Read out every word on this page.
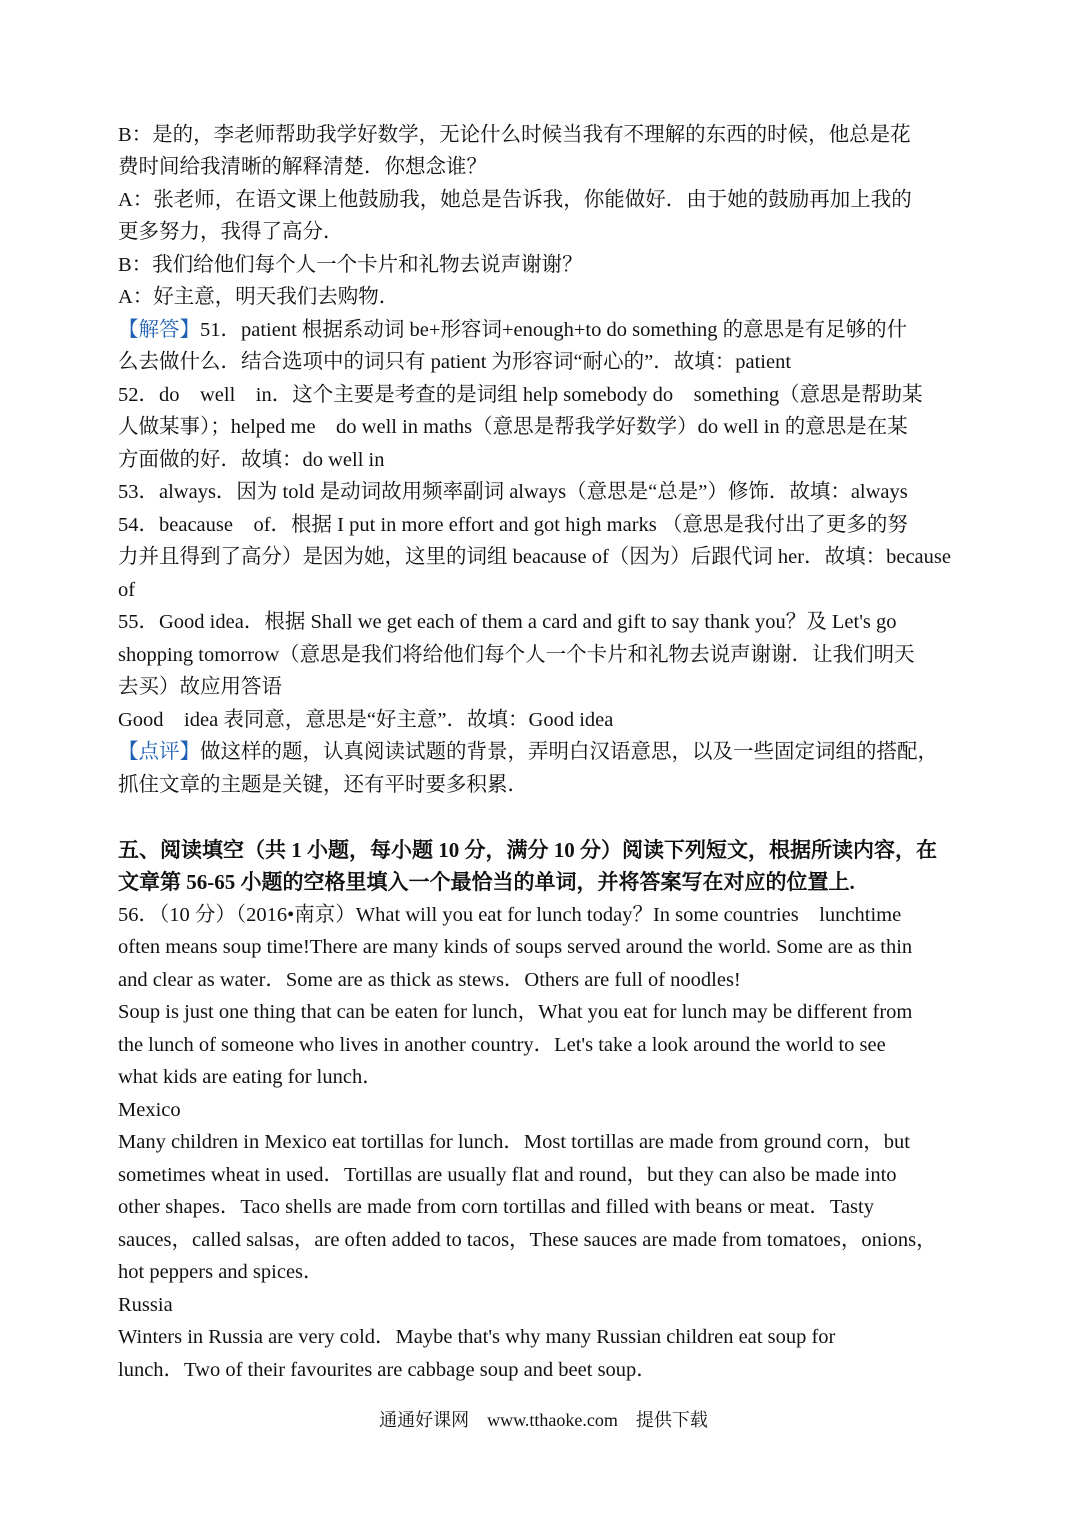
B：是的，李老师帮助我学好数学，无论什么时候当我有不理解的东西的时候，他总是花
费时间给我清晰的解释清楚．你想念谁？
A：张老师，在语文课上他鼓励我，她总是告诉我，你能做好．由于她的鼓励再加上我的
更多努力，我得了高分．
B：我们给他们每个人一个卡片和礼物去说声谢谢？
A：好主意，明天我们去购物．
【解答】51．patient 根据系动词 be+形容词+enough+to do something 的意思是有足够的什
么去做什么．结合选项中的词只有 patient 为形容词“耐心的”．故填：patient
52．do　well　in．这个主要是考查的是词组 help somebody do　something（意思是帮助某
人做某事）；helped me　do well in maths（意思是帮我学好数学）do well in 的意思是在某
方面做的好．故填：do well in
53．always．因为 told 是动词故用频率副词 always（意思是“总是”）修饰．故填：always
54．beacause　of．根据 I put in more effort and got high marks （意思是我付出了更多的努
力并且得到了高分）是因为她，这里的词组 beacause of（因为）后跟代词 her．故填：because
of
55．Good idea．根据 Shall we get each of them a card and gift to say thank you？及 Let's go
shopping tomorrow（意思是我们将给他们每个人一个卡片和礼物去说声谢谢．让我们明天
去买）故应用答语
Good　idea 表同意，意思是“好主意”．故填：Good idea
【点评】做这样的题，认真阅读试题的背景，弄明白汉语意思，以及一些固定词组的搭配，
抓住文章的主题是关键，还有平时要多积累．
五、阅读填空（共 1 小题，每小题 10 分，满分 10 分）阅读下列短文，根据所读内容，在
文章第 56-65 小题的空格里填入一个最恰当的单词，并将答案写在对应的位置上.
56．（10 分）（2016•南京）What will you eat for lunch today？In some countries　lunchtime
often means soup time!There are many kinds of soups served around the world. Some are as thin
and clear as water．Some are as thick as stews．Others are full of noodles!
Soup is just one thing that can be eaten for lunch，What you eat for lunch may be different from
the lunch of someone who lives in another country．Let's take a look around the world to see
what kids are eating for lunch．
Mexico
Many children in Mexico eat tortillas for lunch．Most tortillas are made from ground corn，but
sometimes wheat in used．Tortillas are usually flat and round，but they can also be made into
other shapes．Taco shells are made from corn tortillas and filled with beans or meat．Tasty
sauces，called salsas，are often added to tacos，These sauces are made from tomatoes，onions，
hot peppers and spices．
Russia
Winters in Russia are very cold．Maybe that's why many Russian children eat soup for
lunch．Two of their favourites are cabbage soup and beet soup．
通通好课网　www.tthaoke.com　提供下载
